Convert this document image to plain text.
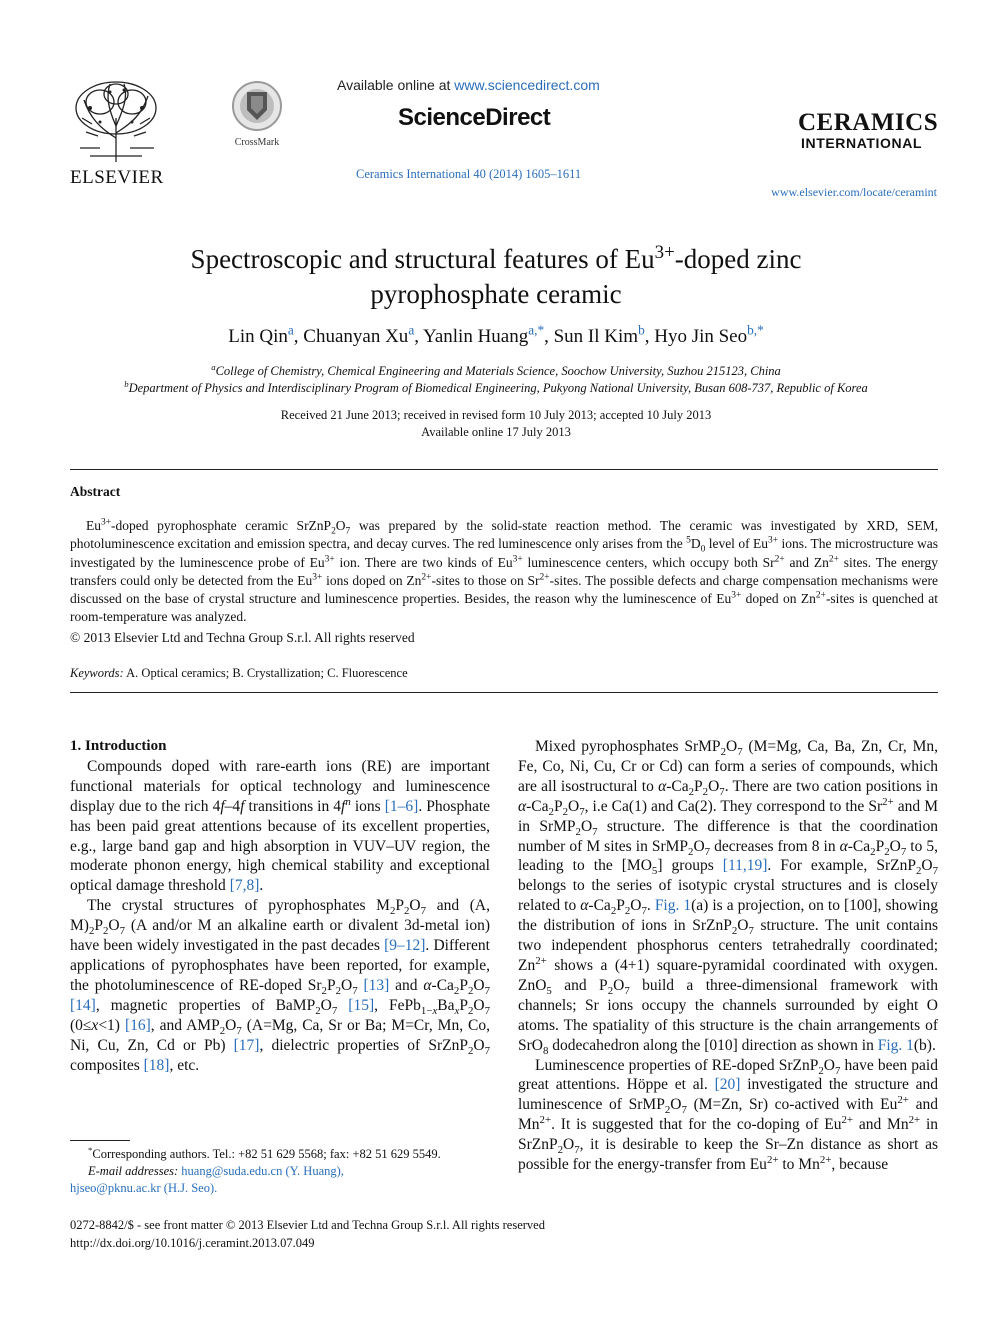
ELSEVIER
CrossMark
Available online at www.sciencedirect.com
ScienceDirect
Ceramics International 40 (2014) 1605–1611
CERAMICS
INTERNATIONAL
www.elsevier.com/locate/ceramint
Spectroscopic and structural features of $Eu^{3+}$-doped zinc
pyrophosphate ceramic
Lin Qin$^a$, Chuanyan Xu$^a$, Yanlin Huang$^{a,*}$, Sun Il Kim$^b$, Hyo Jin Seo$^{b,*}$
$^a$College of Chemistry, Chemical Engineering and Materials Science, Soochow University, Suzhou 215123, China
$^b$Department of Physics and Interdisciplinary Program of Biomedical Engineering, Pukyong National University, Busan 608-737, Republic of Korea
Received 21 June 2013; received in revised form 10 July 2013; accepted 10 July 2013
Available online 17 July 2013
Abstract
$Eu^{3+}$-doped pyrophosphate ceramic $SrZnP_2O_7$ was prepared by the solid-state reaction method. The ceramic was investigated by XRD, SEM, photoluminescence excitation and emission spectra, and decay curves. The red luminescence only arises from the $^5D_0$ level of $Eu^{3+}$ ions. The microstructure was investigated by the luminescence probe of $Eu^{3+}$ ion. There are two kinds of $Eu^{3+}$ luminescence centers, which occupy both $Sr^{2+}$ and $Zn^{2+}$ sites. The energy transfers could only be detected from the $Eu^{3+}$ ions doped on $Zn^{2+}$-sites to those on $Sr^{2+}$-sites. The possible defects and charge compensation mechanisms were discussed on the base of crystal structure and luminescence properties. Besides, the reason why the luminescence of $Eu^{3+}$ doped on $Zn^{2+}$-sites is quenched at room-temperature was analyzed.
© 2013 Elsevier Ltd and Techna Group S.r.l. All rights reserved
Keywords: A. Optical ceramics; B. Crystallization; C. Fluorescence

1. Introduction

Compounds doped with rare-earth ions (RE) are important functional materials for optical technology and luminescence display due to the rich 4f–4f transitions in $4f^n$ ions [1–6]. Phosphate has been paid great attentions because of its excellent properties, e.g., large band gap and high absorption in VUV–UV region, the moderate phonon energy, high chemical stability and exceptional optical damage threshold [7,8].

The crystal structures of pyrophosphates $M_2P_2O_7$ and (A, $M)_2P_2O_7$ (A and/or M an alkaline earth or divalent 3d-metal ion) have been widely investigated in the past decades [9–12]. Different applications of pyrophosphates have been reported, for example, the photoluminescence of RE-doped $Sr_2P_2O_7$ [13] and $\alpha-Ca_2P_2O_7$ [14], magnetic properties of $BaMP_2O_7$ [15], $FePb_{1-x}Ba_xP_2O_7$ (0≤x<1) [16], and $AMP_2O_7$ (A=Mg, Ca, Sr or Ba; M=Cr, Mn, Co, Ni, Cu, Zn, Cd or Pb) [17], dielectric properties of $SrZnP_2O_7$ composites [18], etc.

*Corresponding authors. Tel.: +82 51 629 5568; fax: +82 51 629 5549.
E-mail addresses: huang@suda.edu.cn (Y. Huang),
hjseo@pknu.ac.kr (H.J. Seo).
0272-8842/$ - see front matter © 2013 Elsevier Ltd and Techna Group S.r.l. All rights reserved
http://dx.doi.org/10.1016/j.ceramint.2013.07.049

Mixed pyrophosphates $SrMP_2O_7$ (M=Mg, Ca, Ba, Zn, Cr, Mn, Fe, Co, Ni, Cu, Cr or Cd) can form a series of compounds, which are all isostructural to $\alpha-Ca_2P_2O_7$. There are two cation positions in $\alpha-Ca_2P_2O_7$, i.e Ca(1) and Ca(2). They correspond to the $Sr^{2+}$ and M in $SrMP_2O_7$ structure. The difference is that the coordination number of M sites in $SrMP_2O_7$ decreases from 8 in $\alpha-Ca_2P_2O_7$ to 5, leading to the $[MO_5]$ groups [11,19]. For example, $SrZnP_2O_7$ belongs to the series of isotypic crystal structures and is closely related to $\alpha-Ca_2P_2O_7$. Fig. 1(a) is a projection, on to [100], showing the distribution of ions in $SrZnP_2O_7$ structure. The unit contains two independent phosphorus centers tetrahedrally coordinated; $Zn^{2+}$ shows a (4+1) square-pyramidal coordinated with oxygen. ZnO$_5$ and $P_2O_7$ build a three-dimensional framework with channels; Sr ions occupy the channels surrounded by eight O atoms. The spatiality of this structure is the chain arrangements of SrO$_8$ dodecahedron along the [010] direction as shown in Fig. 1(b).

Luminescence properties of RE-doped $SrZnP_2O_7$ have been paid great attentions. Höppe et al. [20] investigated the structure and luminescence of $SrMP_2O_7$ (M=Zn, Sr) co-actived with $Eu^{2+}$ and $Mn^{2+}$. It is suggested that for the co-doping of $Eu^{2+}$ and $Mn^{2+}$ in $SrZnP_2O_7$, it is desirable to keep the Sr–Zn distance as short as possible for the energy-transfer from $Eu^{2+}$ to $Mn^{2+}$, because
